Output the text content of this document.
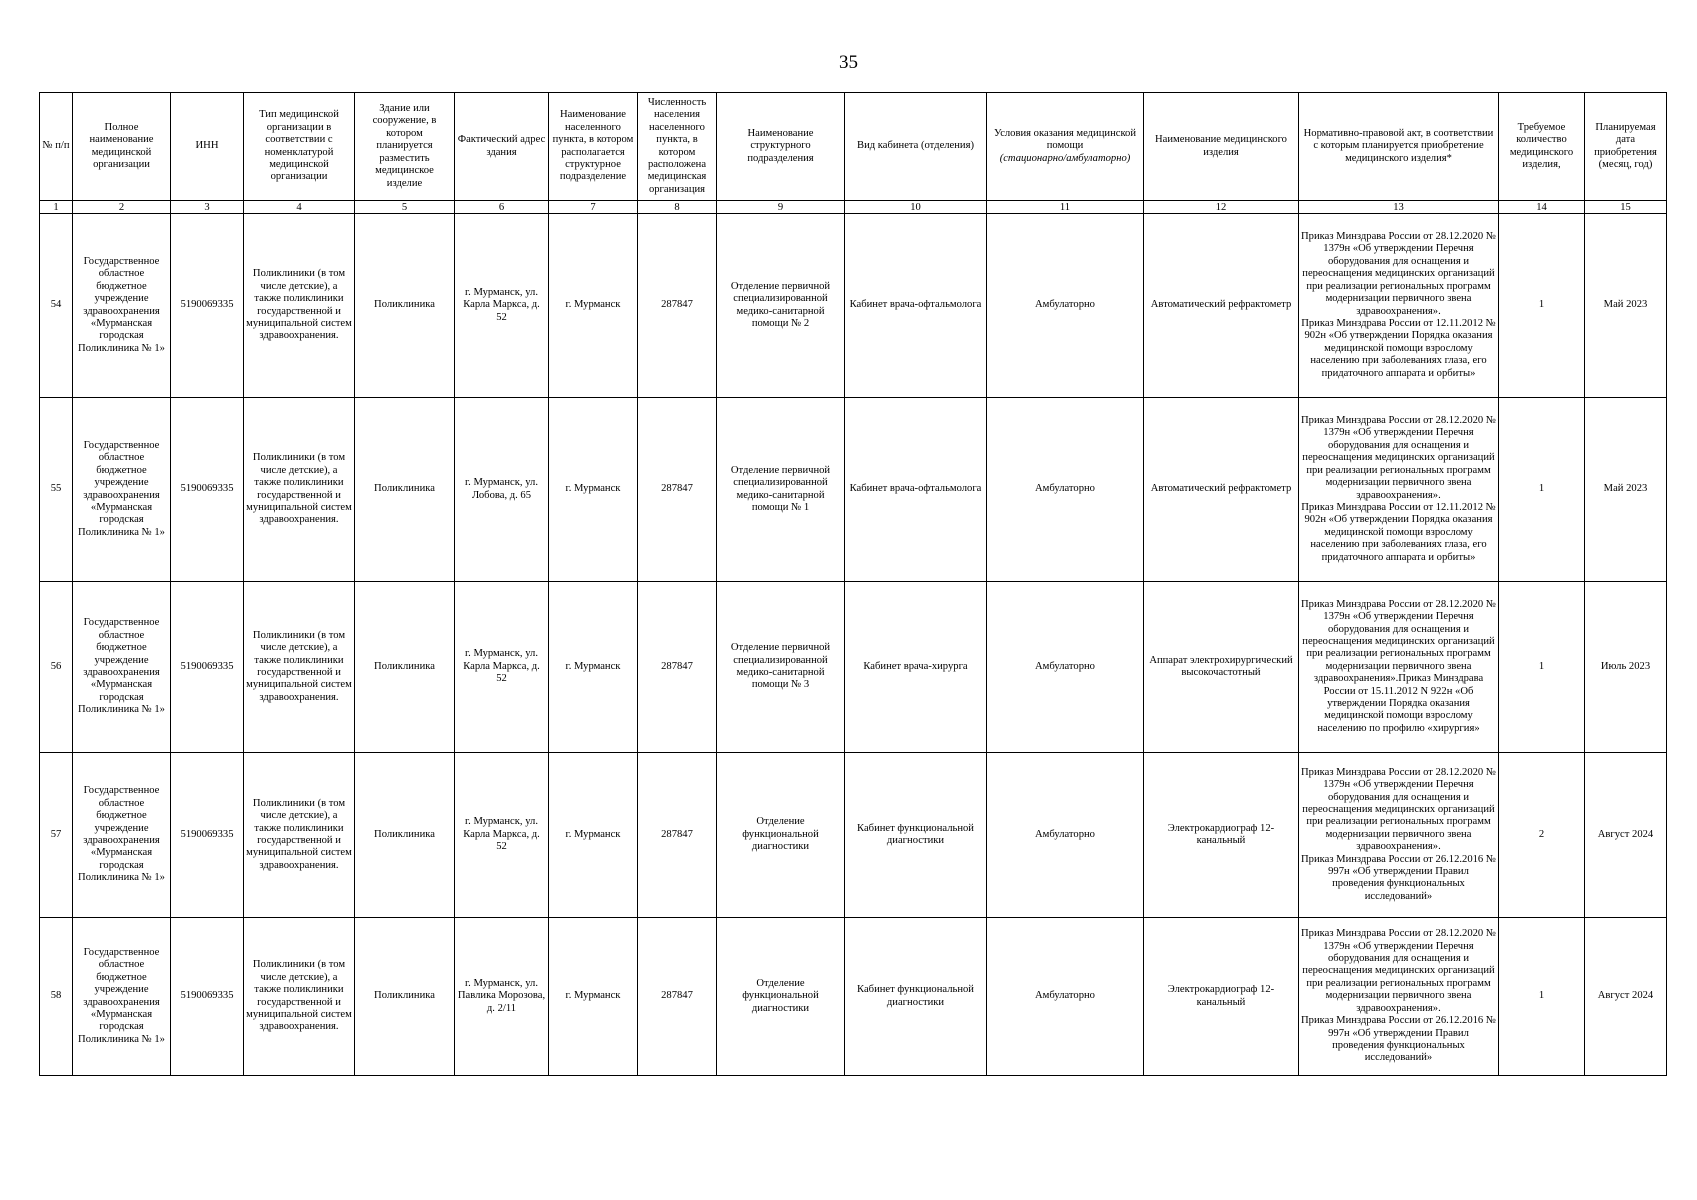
35
№ п/п	Полное наименование медицинской организации	ИНН	Тип медицинской организации в соответствии с номенклатурой медицинской организации	Здание или сооружение, в котором планируется разместить медицинское изделие	Фактический адрес здания	Наименование населенного пункта, в котором располагается структурное подразделение	Численность населения населенного пункта, в котором расположена медицинская организация	Наименование структурного подразделения	Вид кабинета (отделения)	Условия оказания медицинской помощи
(стационарно/амбулаторно)	Наименование медицинского изделия	Нормативно-правовой акт, в соответствии с которым планируется приобретение медицинского изделия*	Требуемое количество медицинского изделия,	Планируемая дата приобретения (месяц, год)
1	2	3	4	5	6	7	8	9	10	11	12	13	14	15
54	Государственное областное бюджетное учреждение здравоохранения «Мурманская городская Поликлиника № 1»	5190069335	Поликлиники (в том числе детские), а также поликлиники государственной и муниципальной систем здравоохранения.	Поликлиника	г. Мурманск, ул. Карла Маркса, д. 52	г. Мурманск	287847	Отделение первичной специализированной медико-санитарной помощи № 2	Кабинет врача-офтальмолога	Амбулаторно	Автоматический рефрактометр	Приказ Минздрава России от 28.12.2020 № 1379н «Об утверждении Перечня оборудования для оснащения и переоснащения медицинских организаций при реализации региональных программ модернизации первичного звена здравоохранения».
Приказ Минздрава России от 12.11.2012 № 902н «Об утверждении Порядка оказания медицинской помощи взрослому населению при заболеваниях глаза, его придаточного аппарата и орбиты»	1	Май 2023
55	Государственное областное бюджетное учреждение здравоохранения «Мурманская городская Поликлиника № 1»	5190069335	Поликлиники (в том числе детские), а также поликлиники государственной и муниципальной систем здравоохранения.	Поликлиника	г. Мурманск, ул. Лобова, д. 65	г. Мурманск	287847	Отделение первичной специализированной медико-санитарной помощи № 1	Кабинет врача-офтальмолога	Амбулаторно	Автоматический рефрактометр	Приказ Минздрава России от 28.12.2020 № 1379н «Об утверждении Перечня оборудования для оснащения и переоснащения медицинских организаций при реализации региональных программ модернизации первичного звена здравоохранения».
Приказ Минздрава России от 12.11.2012 № 902н «Об утверждении Порядка оказания медицинской помощи взрослому населению при заболеваниях глаза, его придаточного аппарата и орбиты»	1	Май 2023
56	Государственное областное бюджетное учреждение здравоохранения «Мурманская городская Поликлиника № 1»	5190069335	Поликлиники (в том числе детские), а также поликлиники государственной и муниципальной систем здравоохранения.	Поликлиника	г. Мурманск, ул. Карла Маркса, д. 52	г. Мурманск	287847	Отделение первичной специализированной медико-санитарной помощи № 3	Кабинет врача-хирурга	Амбулаторно	Аппарат электрохирургический высокочастотный	Приказ Минздрава России от 28.12.2020 № 1379н «Об утверждении Перечня оборудования для оснащения и переоснащения медицинских организаций при реализации региональных программ модернизации первичного звена здравоохранения».Приказ Минздрава России от 15.11.2012 N 922н «Об утверждении Порядка оказания медицинской помощи взрослому населению по профилю «хирургия»	1	Июль 2023
57	Государственное областное бюджетное учреждение здравоохранения «Мурманская городская Поликлиника № 1»	5190069335	Поликлиники (в том числе детские), а также поликлиники государственной и муниципальной систем здравоохранения.	Поликлиника	г. Мурманск, ул. Карла Маркса, д. 52	г. Мурманск	287847	Отделение функциональной диагностики	Кабинет функциональной диагностики	Амбулаторно	Электрокардиограф 12-канальный	Приказ Минздрава России от 28.12.2020 № 1379н «Об утверждении Перечня оборудования для оснащения и переоснащения медицинских организаций при реализации региональных программ модернизации первичного звена здравоохранения».
Приказ Минздрава России от 26.12.2016 № 997н «Об утверждении Правил проведения функциональных исследований»	2	Август 2024
58	Государственное областное бюджетное учреждение здравоохранения «Мурманская городская Поликлиника № 1»	5190069335	Поликлиники (в том числе детские), а также поликлиники государственной и муниципальной систем здравоохранения.	Поликлиника	г. Мурманск, ул. Павлика Морозова, д. 2/11	г. Мурманск	287847	Отделение функциональной диагностики	Кабинет функциональной диагностики	Амбулаторно	Электрокардиограф 12-канальный	Приказ Минздрава России от 28.12.2020 № 1379н «Об утверждении Перечня оборудования для оснащения и переоснащения медицинских организаций при реализации региональных программ модернизации первичного звена здравоохранения».
Приказ Минздрава России от 26.12.2016 № 997н «Об утверждении Правил проведения функциональных исследований»	1	Август 2024
